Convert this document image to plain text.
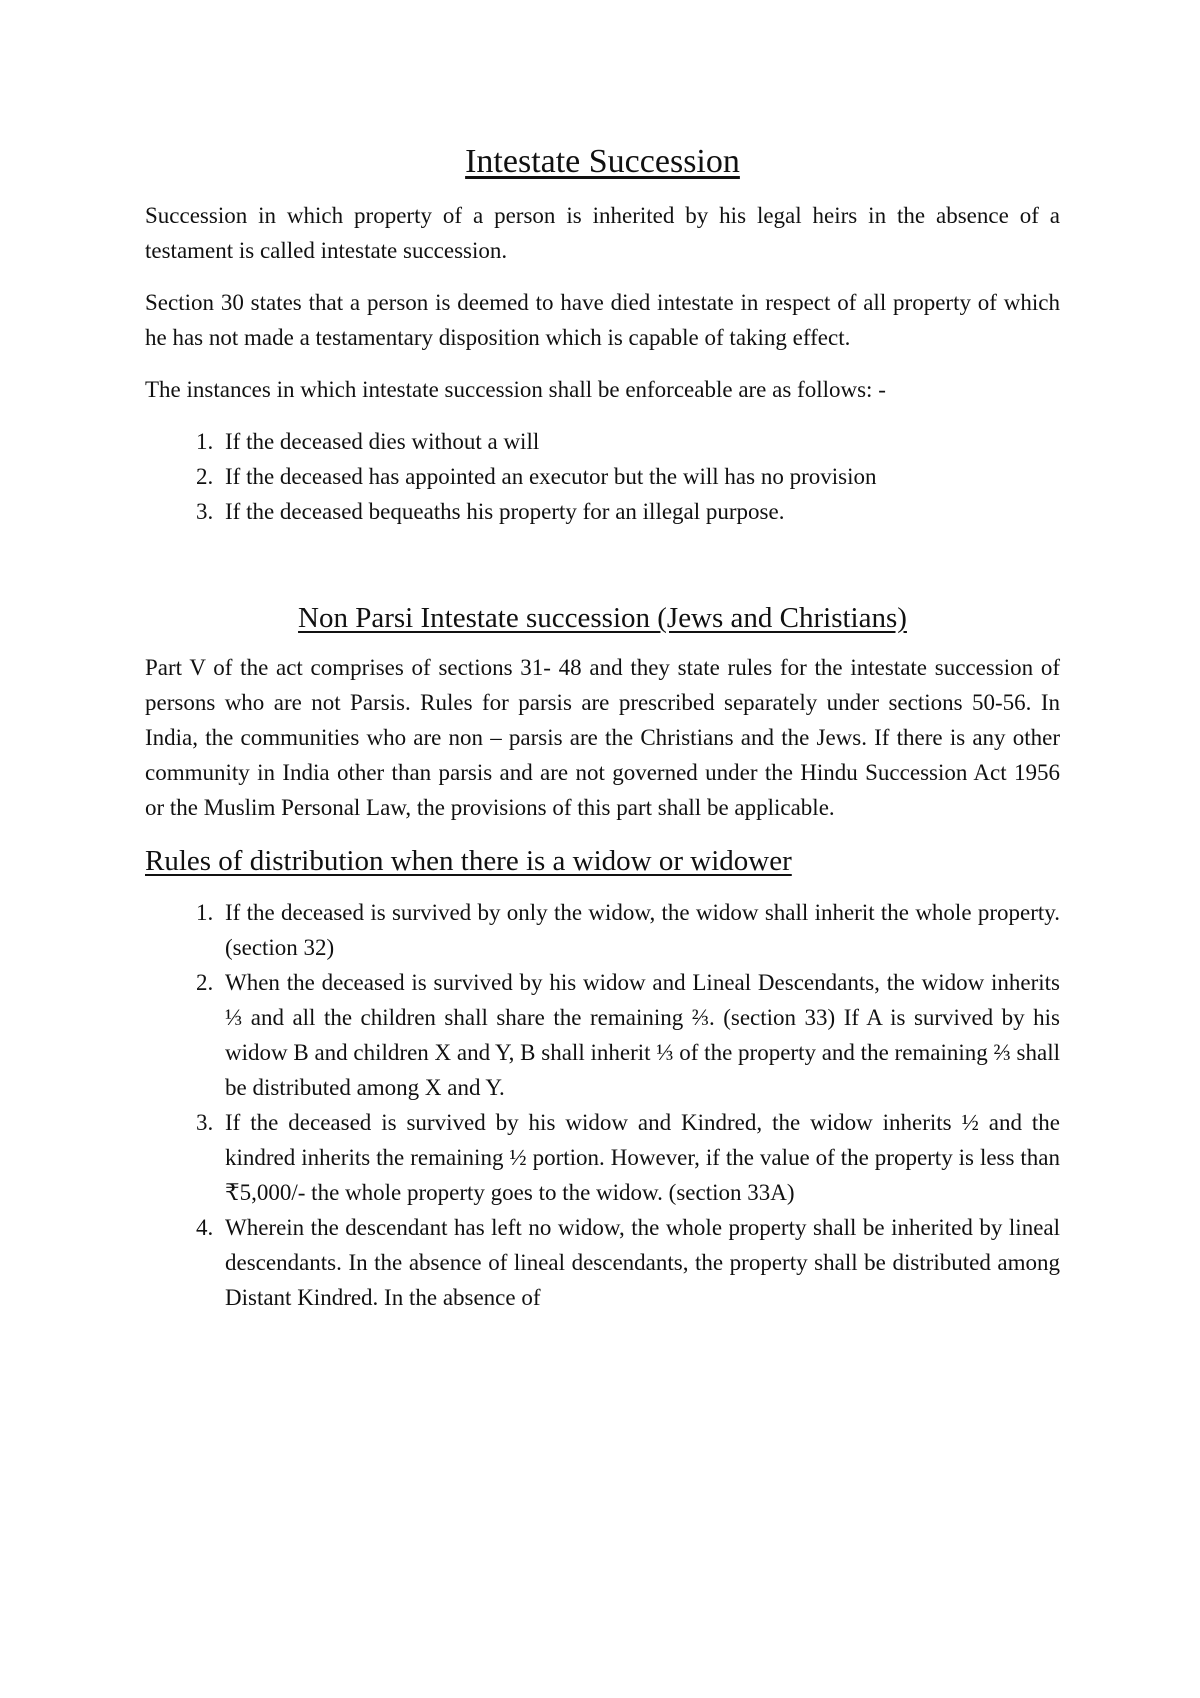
Intestate Succession

Succession in which property of a person is inherited by his legal heirs in the absence of a testament is called intestate succession.

Section 30 states that a person is deemed to have died intestate in respect of all property of which he has not made a testamentary disposition which is capable of taking effect.

The instances in which intestate succession shall be enforceable are as follows: -

1. If the deceased dies without a will
2. If the deceased has appointed an executor but the will has no provision
3. If the deceased bequeaths his property for an illegal purpose.
Non Parsi Intestate succession (Jews and Christians)

Part V of the act comprises of sections 31- 48 and they state rules for the intestate succession of persons who are not Parsis. Rules for parsis are prescribed separately under sections 50-56. In India, the communities who are non – parsis are the Christians and the Jews. If there is any other community in India other than parsis and are not governed under the Hindu Succession Act 1956 or the Muslim Personal Law, the provisions of this part shall be applicable.

Rules of distribution when there is a widow or widower
1. If the deceased is survived by only the widow, the widow shall inherit the whole property. (section 32)
2. When the deceased is survived by his widow and Lineal Descendants, the widow inherits ⅓ and all the children shall share the remaining ⅔. (section 33) If A is survived by his widow B and children X and Y, B shall inherit ⅓ of the property and the remaining ⅔ shall be distributed among X and Y.
3. If the deceased is survived by his widow and Kindred, the widow inherits ½ and the kindred inherits the remaining ½ portion. However, if the value of the property is less than ₹5,000/- the whole property goes to the widow. (section 33A)
4. Wherein the descendant has left no widow, the whole property shall be inherited by lineal descendants. In the absence of lineal descendants, the property shall be distributed among Distant Kindred. In the absence of
